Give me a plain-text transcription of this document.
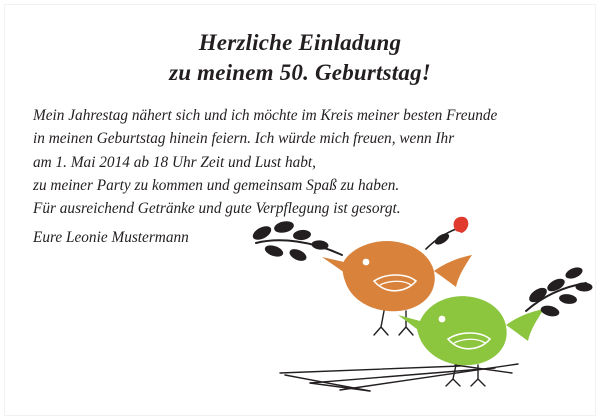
Herzliche Einladung
zu meinem 50. Geburtstag!

Mein Jahrestag nähert sich und ich möchte im Kreis meiner besten Freunde

in meinen Geburtstag hinein feiern. Ich würde mich freuen, wenn Ihr

am 1. Mai 2014 ab 18 Uhr Zeit und Lust habt,

zu meiner Party zu kommen und gemeinsam Spaß zu haben.

Für ausreichend Getränke und gute Verpflegung ist gesorgt.

Eure Leonie Mustermann
